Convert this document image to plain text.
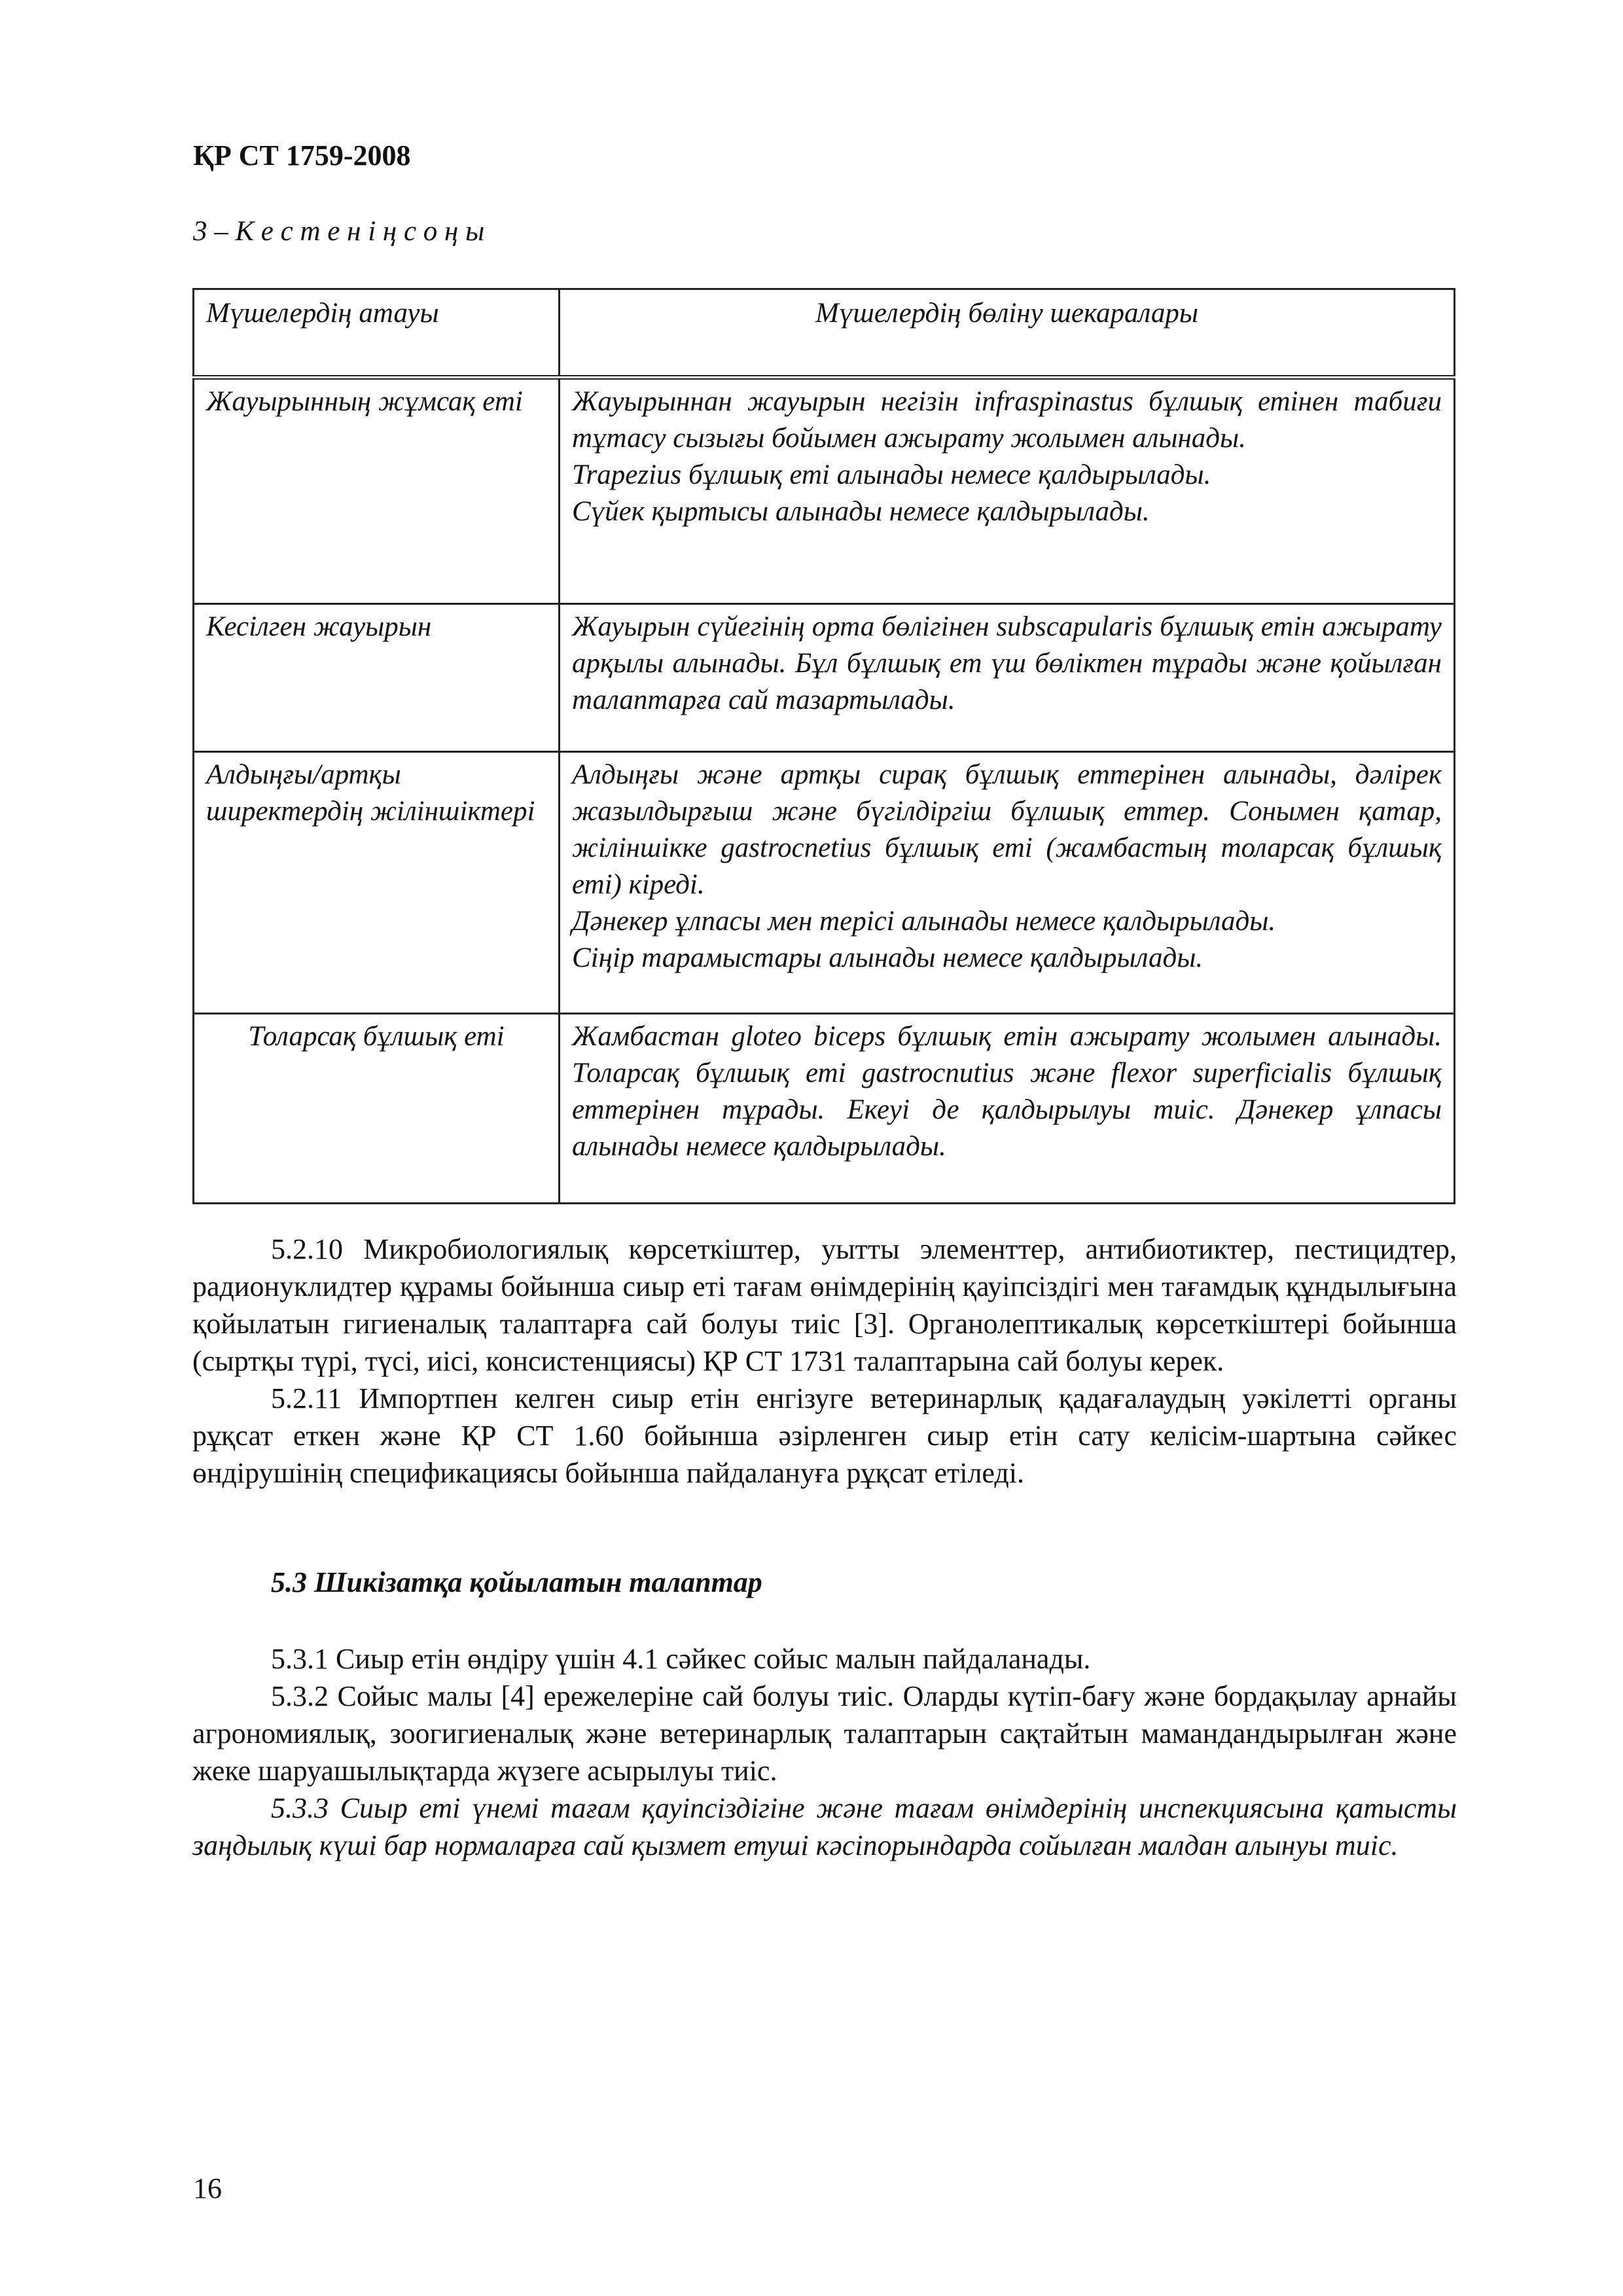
ҚР СТ 1759-2008
3 – К е с т е н і ң с о ң ы
Мүшелердің атауы	Мүшелердің бөліну шекаралары
Жауырынның жұмсақ еті	Жауырыннан жауырын негізін infraspinastus бұлшық етінен табиғи тұтасу сызығы бойымен ажырату жолымен алынады.
Trapezius бұлшық еті алынады немесе қалдырылады.
Сүйек қыртысы алынады немесе қалдырылады.

Кесілген жауырын	Жауырын сүйегінің орта бөлігінен subscapularis бұлшық етін ажырату арқылы алынады. Бұл бұлшық ет үш бөліктен тұрады және қойылған талаптарға сай тазартылады.

Алдыңғы/артқы ширектердің жіліншіктері	Алдыңғы және артқы сирақ бұлшық еттерінен алынады, дәлірек жазылдырғыш және бүгілдіргіш бұлшық еттер. Сонымен қатар, жіліншікке gastrocnetius бұлшық еті (жамбастың толарсақ бұлшық еті) кіреді.
Дәнекер ұлпасы мен терісі алынады немесе қалдырылады.
Сіңір тарамыстары алынады немесе қалдырылады.

Толарсақ бұлшық еті	Жамбастан gloteo biceps бұлшық етін ажырату жолымен алынады. Толарсақ бұлшық еті gastrocnutius және flexor superficialis бұлшық еттерінен тұрады. Екеуі де қалдырылуы тиіс. Дәнекер ұлпасы алынады немесе қалдырылады.

5.2.10 Микробиологиялық көрсеткіштер, уытты элементтер, антибиотиктер, пестицидтер, радионуклидтер құрамы бойынша сиыр еті тағам өнімдерінің қауіпсіздігі мен тағамдық құндылығына қойылатын гигиеналық талаптарға сай болуы тиіс [3]. Органолептикалық көрсеткіштері бойынша (сыртқы түрі, түсі, иісі, консистенциясы) ҚР СТ 1731 талаптарына сай болуы керек.

5.2.11 Импортпен келген сиыр етін енгізуге ветеринарлық қадағалаудың уәкілетті органы рұқсат еткен және ҚР СТ 1.60 бойынша әзірленген сиыр етін сату келісім-шартына сәйкес өндірушінің спецификациясы бойынша пайдалануға рұқсат етіледі.

5.3 Шикізатқа қойылатын талаптар

5.3.1 Сиыр етін өндіру үшін 4.1 сәйкес сойыс малын пайдаланады.

5.3.2 Сойыс малы [4] ережелеріне сай болуы тиіс. Оларды күтіп-бағу және бордақылау арнайы агрономиялық, зоогигиеналық және ветеринарлық талаптарын сақтайтын мамандандырылған және жеке шаруашылықтарда жүзеге асырылуы тиіс.

5.3.3 Сиыр еті үнемі тағам қауіпсіздігіне және тағам өнімдерінің инспекциясына қатысты заңдылық күші бар нормаларға сай қызмет етуші кәсіпорындарда сойылған малдан алынуы тиіс.

16
